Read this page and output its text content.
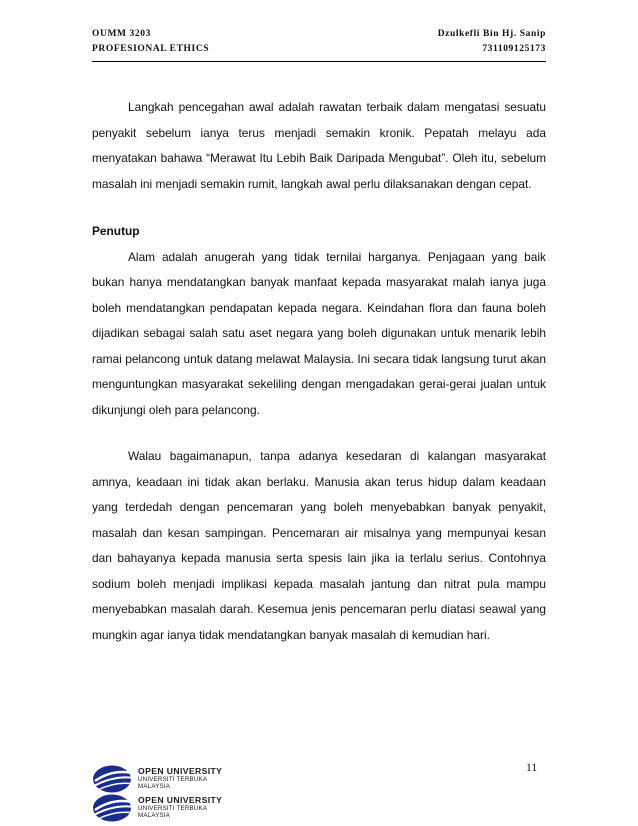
OUMM 3203
PROFESIONAL ETHICS
Dzulkefli Bin Hj. Sanip
731109125173

Langkah pencegahan awal adalah rawatan terbaik dalam mengatasi sesuatu penyakit sebelum ianya terus menjadi semakin kronik. Pepatah melayu ada menyatakan bahawa “Merawat Itu Lebih Baik Daripada Mengubat”. Oleh itu, sebelum masalah ini menjadi semakin rumit, langkah awal perlu dilaksanakan dengan cepat.

Penutup

Alam adalah anugerah yang tidak ternilai harganya. Penjagaan yang baik bukan hanya mendatangkan banyak manfaat kepada masyarakat malah ianya juga boleh mendatangkan pendapatan kepada negara. Keindahan flora dan fauna boleh dijadikan sebagai salah satu aset negara yang boleh digunakan untuk menarik lebih ramai pelancong untuk datang melawat Malaysia. Ini secara tidak langsung turut akan menguntungkan masyarakat sekeliling dengan mengadakan gerai-gerai jualan untuk dikunjungi oleh para pelancong.

Walau bagaimanapun, tanpa adanya kesedaran di kalangan masyarakat amnya, keadaan ini tidak akan berlaku. Manusia akan terus hidup dalam keadaan yang terdedah dengan pencemaran yang boleh menyebabkan banyak penyakit, masalah dan kesan sampingan. Pencemaran air misalnya yang mempunyai kesan dan bahayanya kepada manusia serta spesis lain jika ia terlalu serius. Contohnya sodium boleh menjadi implikasi kepada masalah jantung dan nitrat pula mampu menyebabkan masalah darah. Kesemua jenis pencemaran perlu diatasi seawal yang mungkin agar ianya tidak mendatangkan banyak masalah di kemudian hari.

11
OPEN UNIVERSITY
UNIVERSITI TERBUKA
MALAYSIA
OPEN UNIVERSITY
UNIVERSITI TERBUKA
MALAYSIA
